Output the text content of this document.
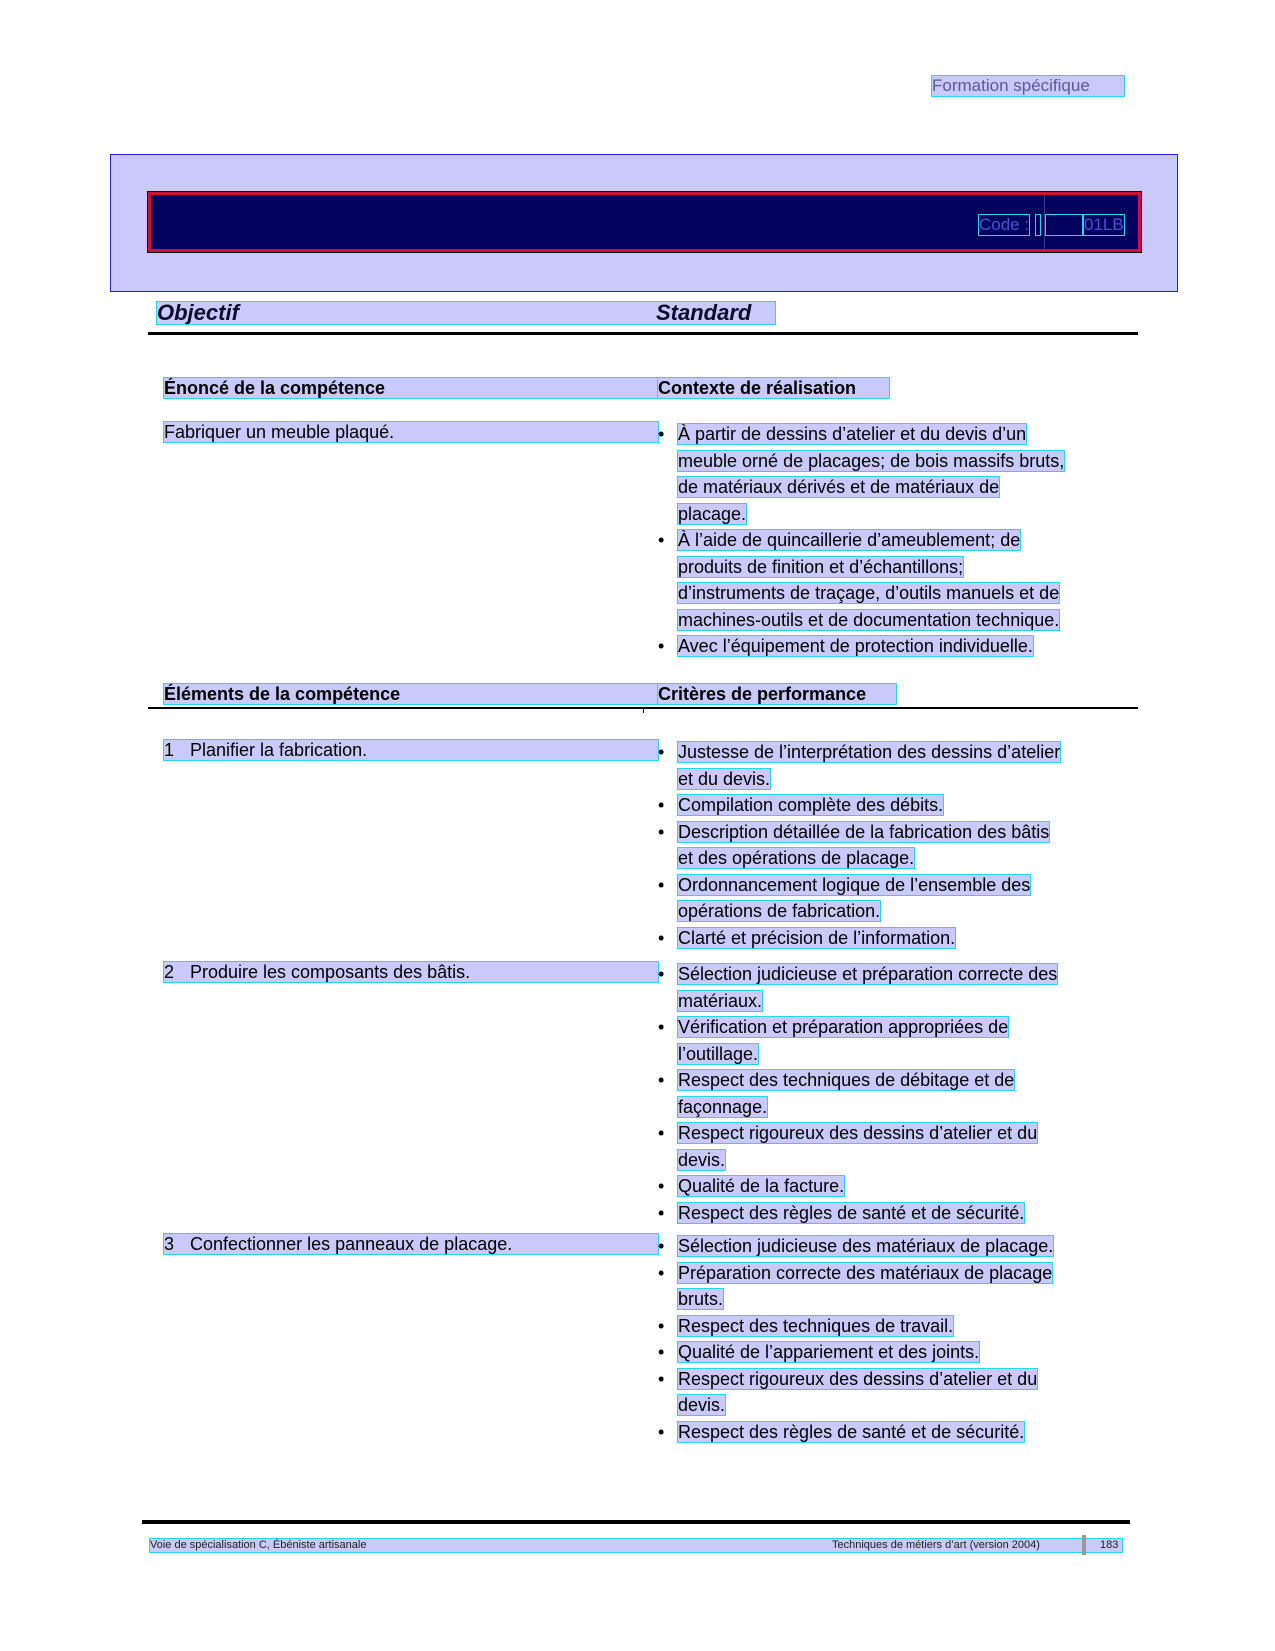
Formation spécifique
Code :	01LB
Objectif	Standard
Énoncé de la compétence	Contexte de réalisation
Fabriquer un meuble plaqué.	• À partir de dessins d’atelier et du devis d’un
meuble orné de placages; de bois massifs bruts,
de matériaux dérivés et de matériaux de
placage.
• À l’aide de quincaillerie d’ameublement; de
produits de finition et d’échantillons;
d’instruments de traçage, d’outils manuels et de
machines-outils et de documentation technique.
• Avec l’équipement de protection individuelle.
Éléments de la compétence	Critères de performance
1 Planifier la fabrication.	• Justesse de l’interprétation des dessins d’atelier
et du devis.
• Compilation complète des débits.
• Description détaillée de la fabrication des bâtis
et des opérations de placage.
• Ordonnancement logique de l’ensemble des
opérations de fabrication.
• Clarté et précision de l’information.
2 Produire les composants des bâtis.	• Sélection judicieuse et préparation correcte des
matériaux.
• Vérification et préparation appropriées de
l’outillage.
• Respect des techniques de débitage et de
façonnage.
• Respect rigoureux des dessins d’atelier et du
devis.
• Qualité de la facture.
• Respect des règles de santé et de sécurité.
3 Confectionner les panneaux de placage.	• Sélection judicieuse des matériaux de placage.
• Préparation correcte des matériaux de placage
bruts.
• Respect des techniques de travail.
• Qualité de l’appariement et des joints.
• Respect rigoureux des dessins d’atelier et du
devis.
• Respect des règles de santé et de sécurité.
Voie de spécialisation C, Ébéniste artisanale	Techniques de métiers d’art (version 2004)	183
